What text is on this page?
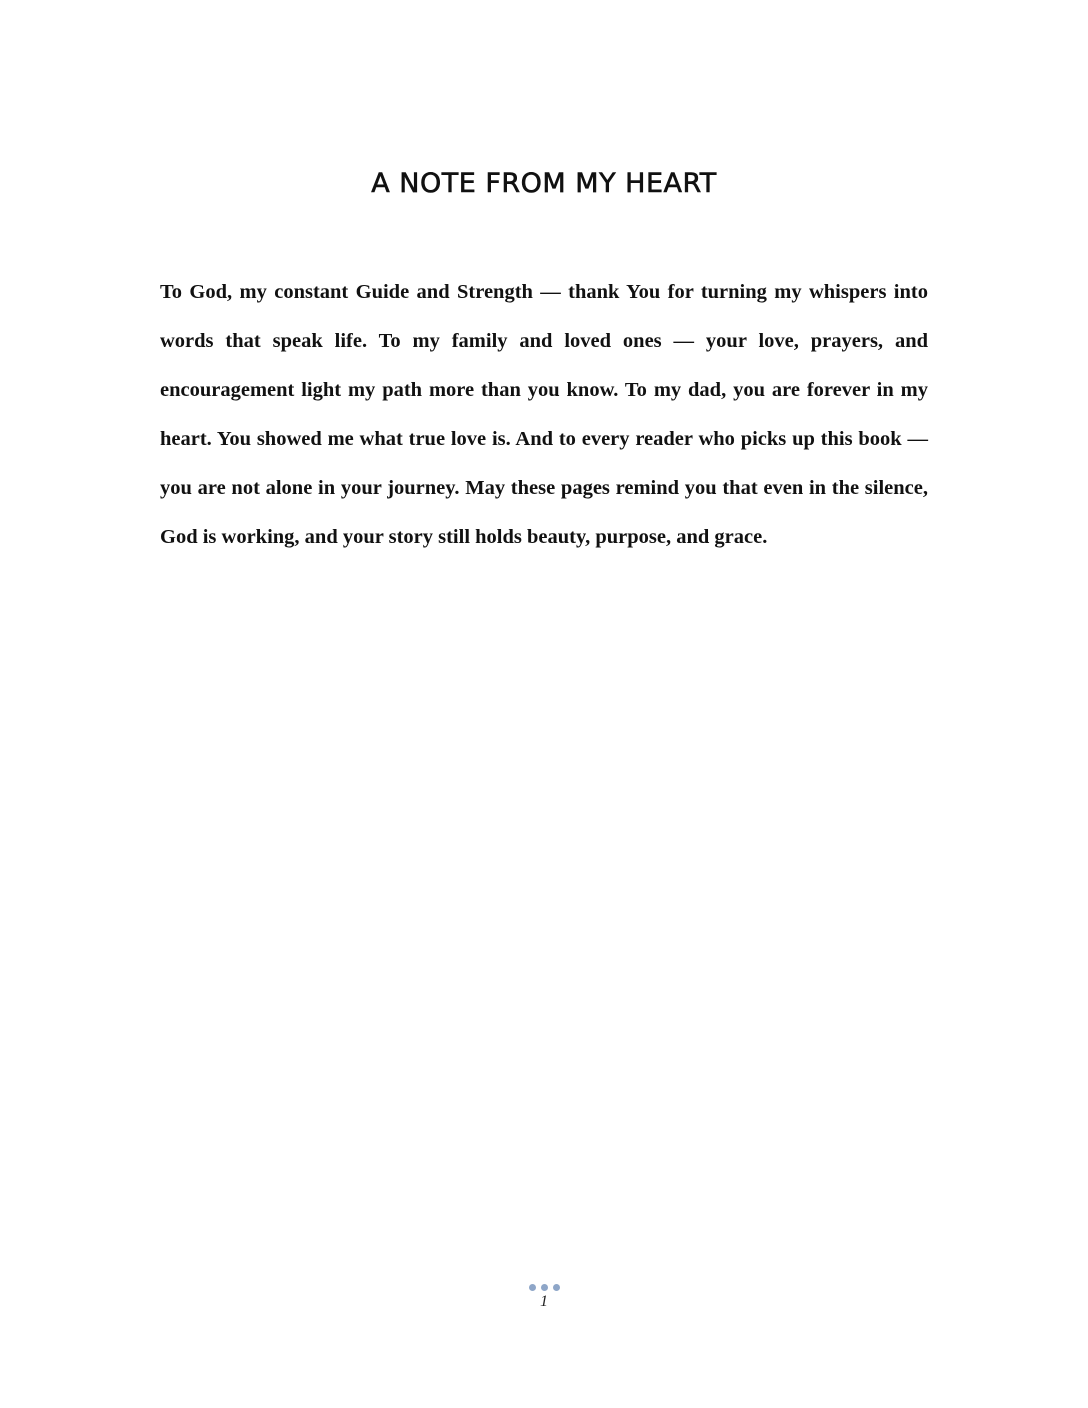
A NOTE FROM MY HEART

To God, my constant Guide and Strength — thank You for turning my whispers into words that speak life. To my family and loved ones — your love, prayers, and encouragement light my path more than you know. To my dad, you are forever in my heart. You showed me what true love is. And to every reader who picks up this book — you are not alone in your journey. May these pages remind you that even in the silence, God is working, and your story still holds beauty, purpose, and grace.

1
